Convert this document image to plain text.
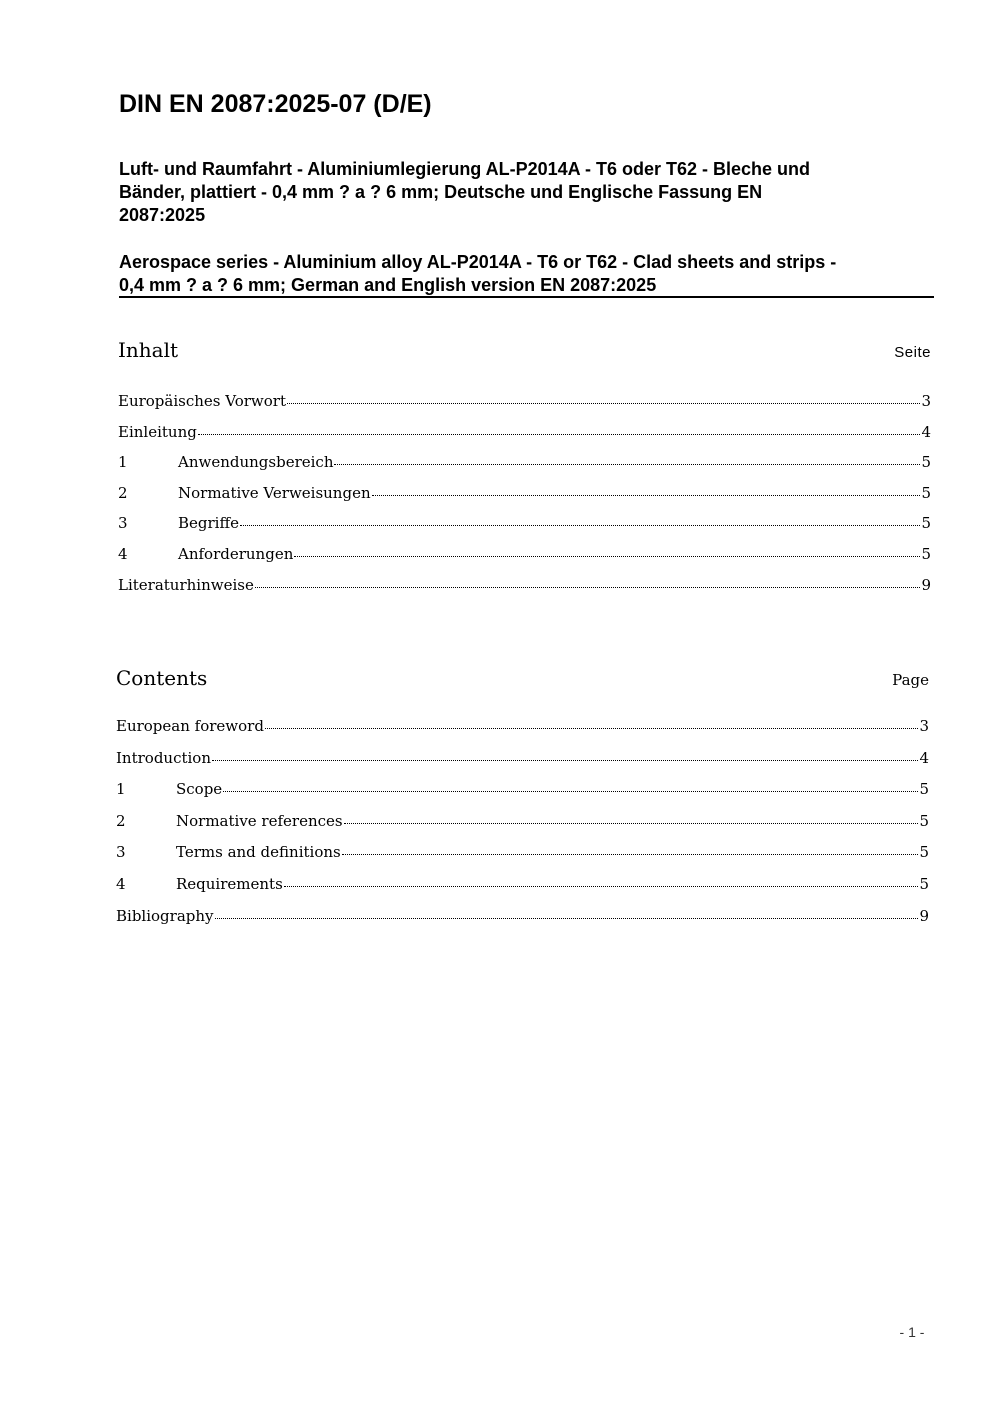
DIN EN 2087:2025-07 (D/E)
Luft- und Raumfahrt - Aluminiumlegierung AL-P2014A - T6 oder T62 - Bleche und
Bänder, plattiert - 0,4 mm ? a ? 6 mm; Deutsche und Englische Fassung EN
2087:2025
Aerospace series - Aluminium alloy AL-P2014A - T6 or T62 - Clad sheets and strips -
0,4 mm ? a ? 6 mm; German and English version EN 2087:2025
Inhalt	Seite
Europäisches Vorwort	3
Einleitung	4
1	Anwendungsbereich	5
2	Normative Verweisungen	5
3	Begriffe	5
4	Anforderungen	5
Literaturhinweise	9
Contents	Page
European foreword	3
Introduction	4
1	Scope	5
2	Normative references	5
3	Terms and definitions	5
4	Requirements	5
Bibliography	9
- 1 -
